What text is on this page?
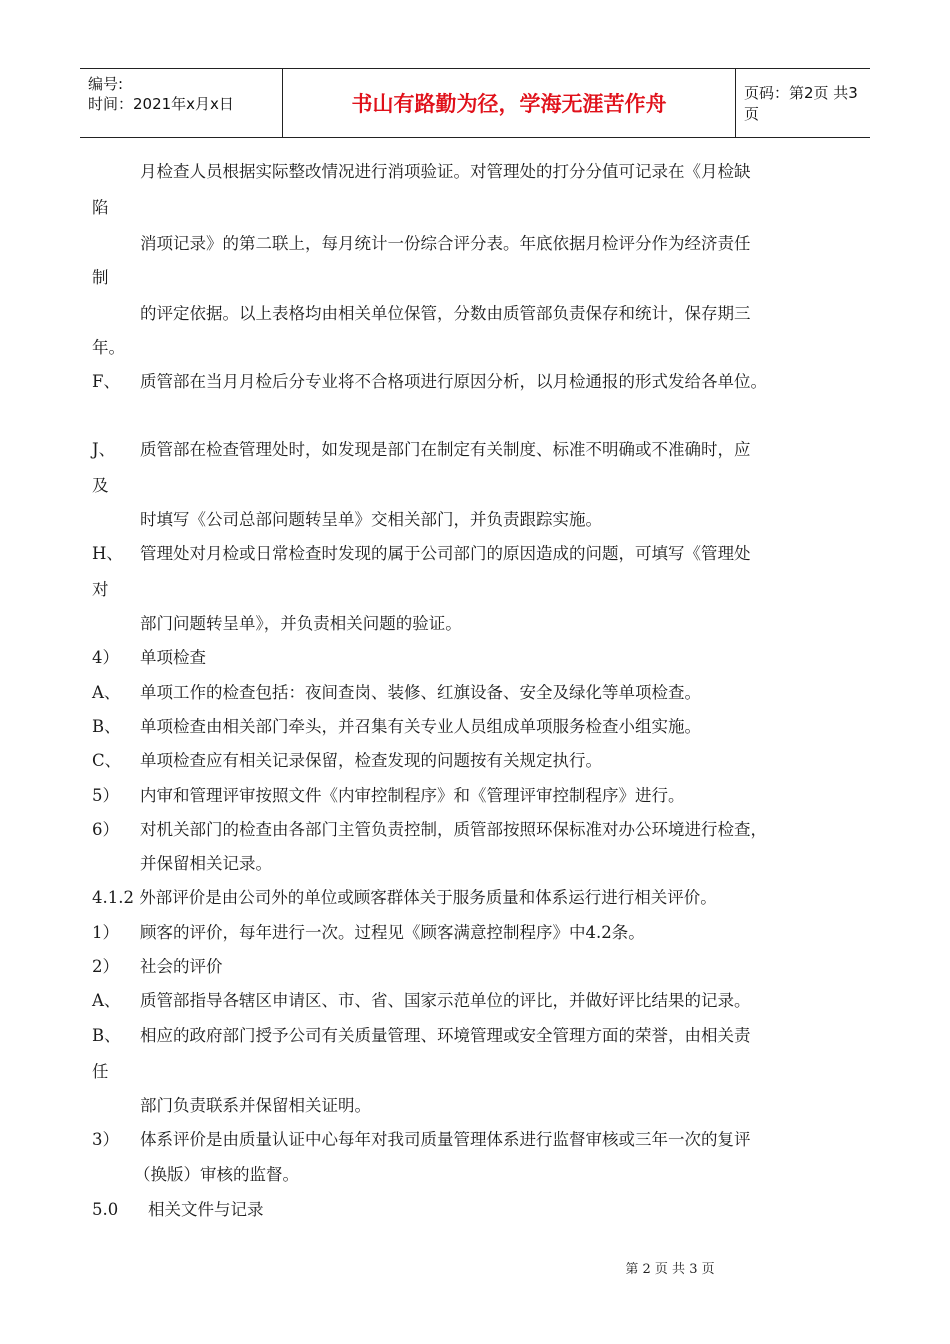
编号:
时间：2021年x月x日	书山有路勤为径，学海无涯苦作舟	页码：第2页 共3页
月检查人员根据实际整改情况进行消项验证。对管理处的打分分值可记录在《月检缺
陷
消项记录》的第二联上，每月统计一份综合评分表。年底依据月检评分作为经济责任
制
的评定依据。以上表格均由相关单位保管，分数由质管部负责保存和统计，保存期三
年。
F、 质管部在当月月检后分专业将不合格项进行原因分析，以月检通报的形式发给各单位。
J、 质管部在检查管理处时，如发现是部门在制定有关制度、标准不明确或不准确时，应
及
时填写《公司总部问题转呈单》交相关部门，并负责跟踪实施。
H、 管理处对月检或日常检查时发现的属于公司部门的原因造成的问题，可填写《管理处
对
部门问题转呈单》，并负责相关问题的验证。
4） 单项检查
A、 单项工作的检查包括：夜间查岗、装修、红旗设备、安全及绿化等单项检查。
B、 单项检查由相关部门牵头，并召集有关专业人员组成单项服务检查小组实施。
C、 单项检查应有相关记录保留，检查发现的问题按有关规定执行。
5） 内审和管理评审按照文件《内审控制程序》和《管理评审控制程序》进行。
6） 对机关部门的检查由各部门主管负责控制，质管部按照环保标准对办公环境进行检查，
并保留相关记录。
4.1.2 外部评价是由公司外的单位或顾客群体关于服务质量和体系运行进行相关评价。
1） 顾客的评价，每年进行一次。过程见《顾客满意控制程序》中4.2条。
2） 社会的评价
A、 质管部指导各辖区申请区、市、省、国家示范单位的评比，并做好评比结果的记录。
B、 相应的政府部门授予公司有关质量管理、环境管理或安全管理方面的荣誉，由相关责
任
部门负责联系并保留相关证明。
3） 体系评价是由质量认证中心每年对我司质量管理体系进行监督审核或三年一次的复评
（换版）审核的监督。
5.0 相关文件与记录
第 2 页 共 3 页
